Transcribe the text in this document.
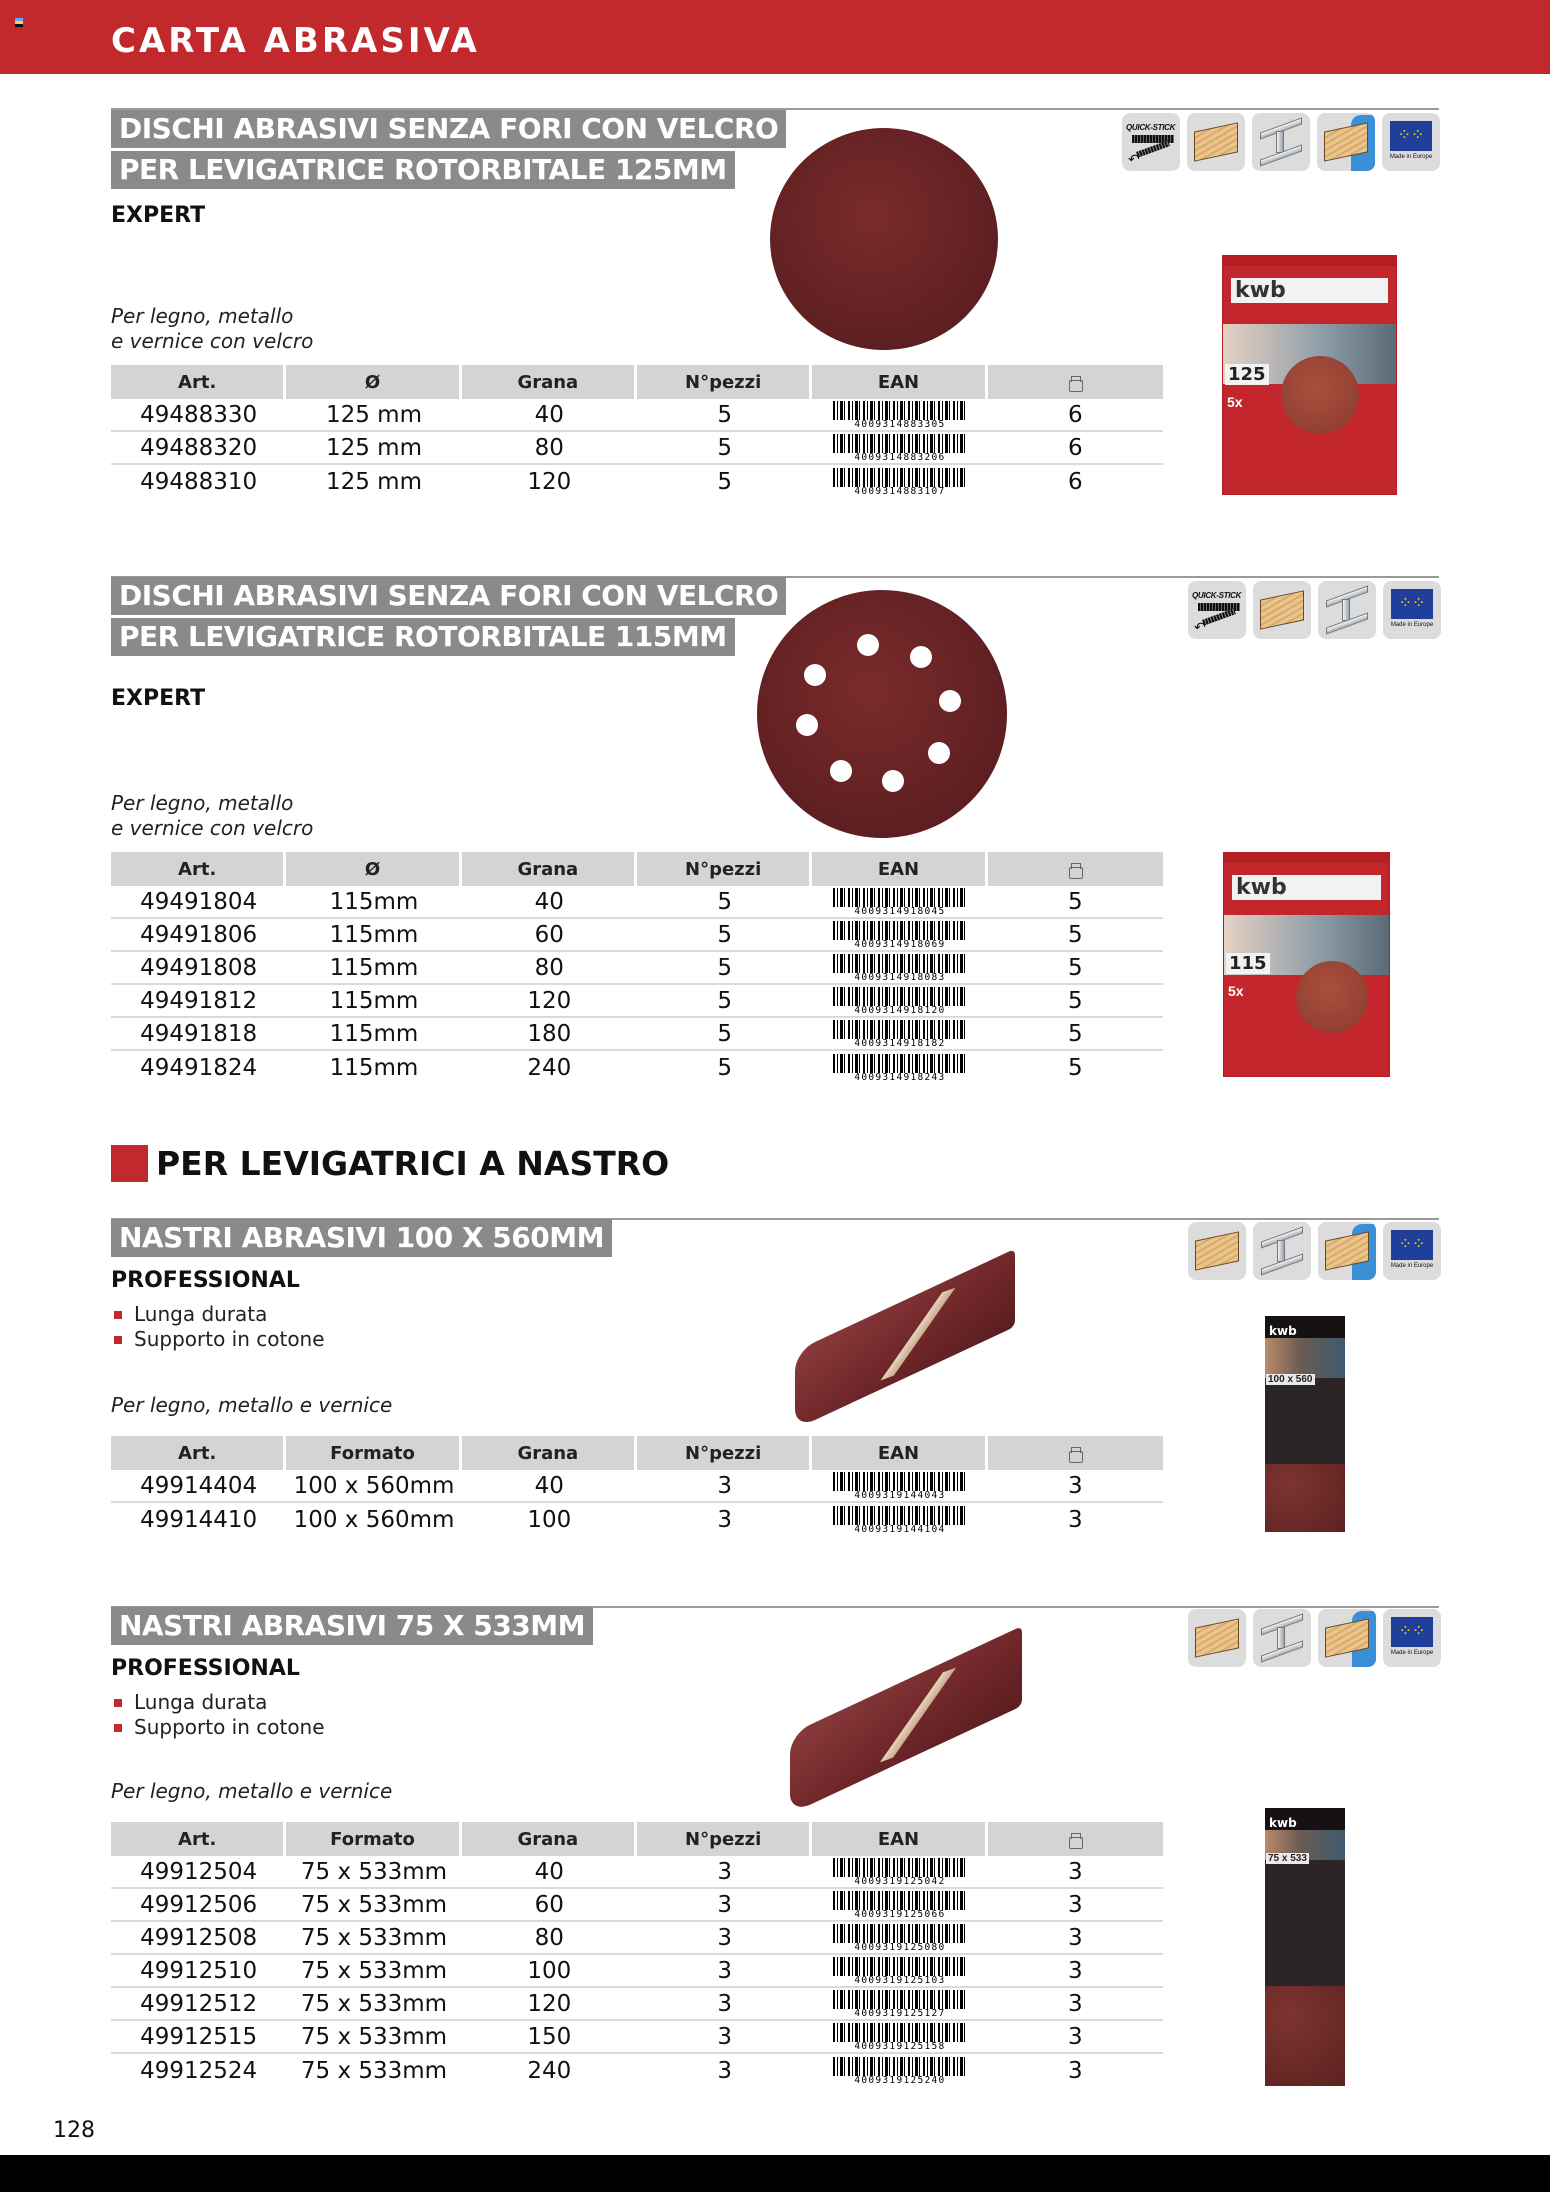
CARTA ABRASIVA
DISCHI ABRASIVI SENZA FORI CON VELCRO
PER LEVIGATRICE ROTORBITALE 125MM
EXPERT
Per legno, metallo
e vernice con velcro
QUICK-STICK
↶
⁘⁘
Made in Europe
kwb
125
5x
Art.	Ø	Grana	N°pezzi	EAN	
49488330	125 mm	40	5	4009314883305	6
49488320	125 mm	80	5	4009314883206	6
49488310	125 mm	120	5	4009314883107	6
DISCHI ABRASIVI SENZA FORI CON VELCRO
PER LEVIGATRICE ROTORBITALE 115MM
EXPERT
Per legno, metallo
e vernice con velcro
QUICK-STICK
↶
⁘⁘
Made in Europe
kwb
115
5x
Art.	Ø	Grana	N°pezzi	EAN	
49491804	115mm	40	5	4009314918045	5
49491806	115mm	60	5	4009314918069	5
49491808	115mm	80	5	4009314918083	5
49491812	115mm	120	5	4009314918120	5
49491818	115mm	180	5	4009314918182	5
49491824	115mm	240	5	4009314918243	5
PER LEVIGATRICI A NASTRO
NASTRI ABRASIVI 100 X 560MM
PROFESSIONAL
Lunga durata
Supporto in cotone
Per legno, metallo e vernice
⁘⁘
Made in Europe
kwb
100 x 560
Art.	Formato	Grana	N°pezzi	EAN	
49914404	100 x 560mm	40	3	4009319144043	3
49914410	100 x 560mm	100	3	4009319144104	3
NASTRI ABRASIVI 75 X 533MM
PROFESSIONAL
Lunga durata
Supporto in cotone
Per legno, metallo e vernice
⁘⁘
Made in Europe
kwb
75 x 533
Art.	Formato	Grana	N°pezzi	EAN	
49912504	75 x 533mm	40	3	4009319125042	3
49912506	75 x 533mm	60	3	4009319125066	3
49912508	75 x 533mm	80	3	4009319125080	3
49912510	75 x 533mm	100	3	4009319125103	3
49912512	75 x 533mm	120	3	4009319125127	3
49912515	75 x 533mm	150	3	4009319125158	3
49912524	75 x 533mm	240	3	4009319125240	3
128
